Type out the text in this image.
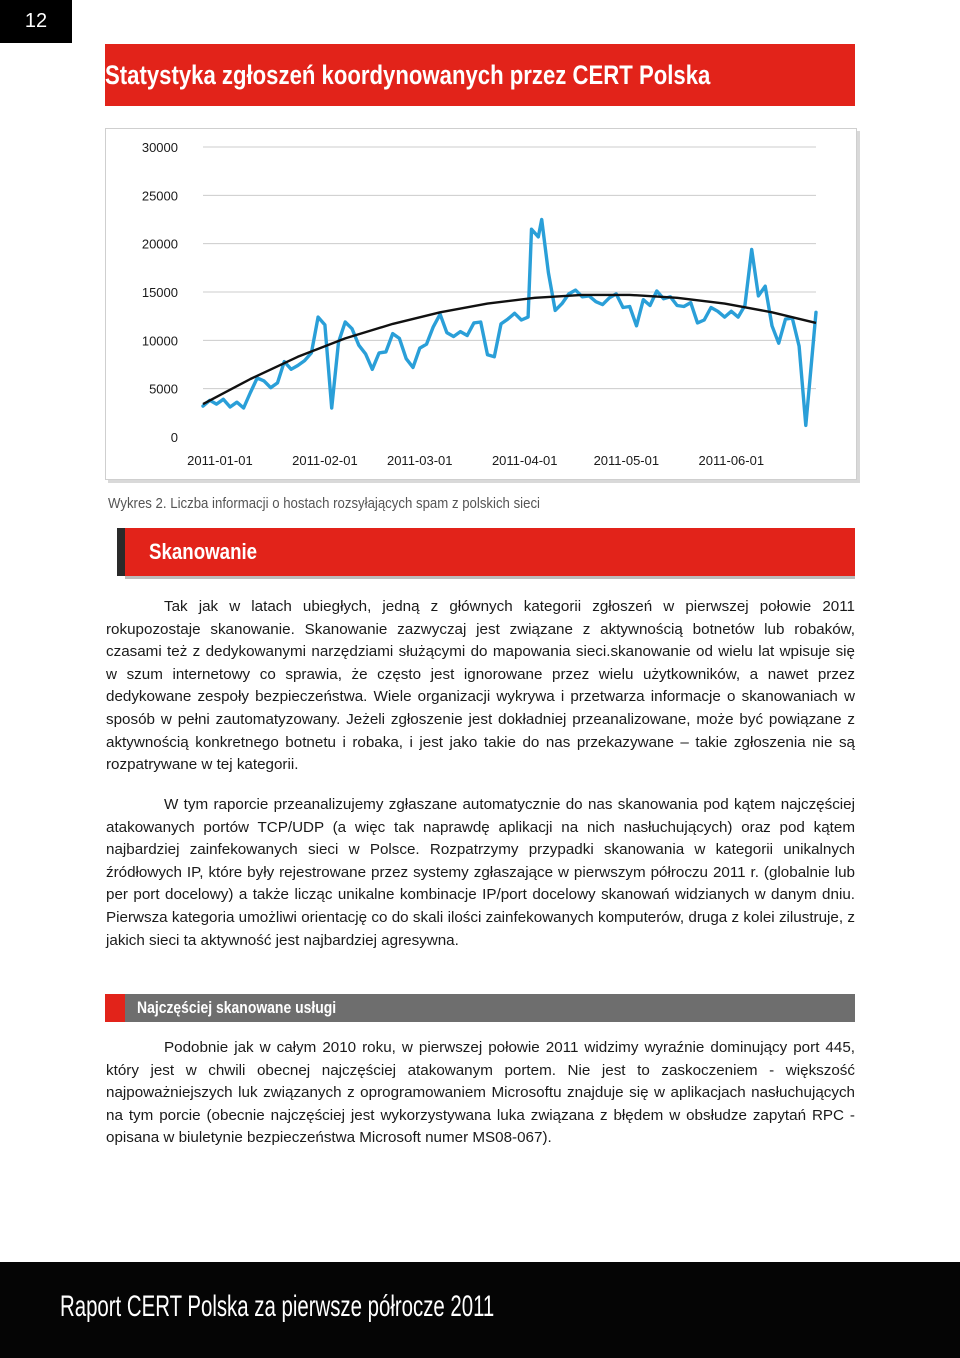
12
Statystyka zgłoszeń koordynowanych przez CERT Polska
30000
25000
20000
15000
10000
5000
0
2011-01-01	2011-02-01 2011-03-01	2011-04-01	2011-05-01	2011-06-01
Wykres 2. Liczba informacji o hostach rozsyłających spam z polskich sieci
Skanowanie
Tak jak w latach ubiegłych, jedną z głównych kategorii zgłoszeń w pierwszej połowie 2011 rokupozostaje skanowanie. Skanowanie zazwyczaj jest związane z aktywnością botnetów lub robaków, czasami też z dedykowanymi narzędziami służącymi do mapowania sieci.skanowanie od wielu lat wpisuje się w szum internetowy co sprawia, że często jest ignorowane przez wielu użytkowników, a nawet przez dedykowane zespoły bezpieczeństwa. Wiele organizacji wykrywa i przetwarza informacje o skanowaniach w sposób w pełni zautomatyzowany. Jeżeli zgłoszenie jest dokładniej przeanalizowane, może być powiązane z aktywnością konkretnego botnetu i robaka, i jest jako takie do nas przekazywane – takie zgłoszenia nie są rozpatrywane w tej kategorii.
W tym raporcie przeanalizujemy zgłaszane automatycznie do nas skanowania pod kątem najczęściej atakowanych portów TCP/UDP (a więc tak naprawdę aplikacji na nich nasłuchujących) oraz pod kątem najbardziej zainfekowanych sieci w Polsce. Rozpatrzymy przypadki skanowania w kategorii unikalnych źródłowych IP, które były rejestrowane przez systemy zgłaszające w pierwszym półroczu 2011 r. (globalnie lub per port docelowy) a także licząc unikalne kombinacje IP/port docelowy skanowań widzianych w danym dniu. Pierwsza kategoria umożliwi orientację co do skali ilości zainfekowanych komputerów, druga z kolei zilustruje, z jakich sieci ta aktywność jest najbardziej agresywna.
Najczęściej skanowane usługi
Podobnie jak w całym 2010 roku, w pierwszej połowie 2011 widzimy wyraźnie dominujący port 445, który jest w chwili obecnej najczęściej atakowanym portem. Nie jest to zaskoczeniem - większość najpoważniejszych luk związanych z oprogramowaniem Microsoftu znajduje się w aplikacjach nasłuchujących na tym porcie (obecnie najczęściej jest wykorzystywana luka związana z błędem w obsłudze zapytań RPC - opisana w biuletynie bezpieczeństwa Microsoft numer MS08-067).
Raport CERT Polska za pierwsze półrocze 2011
